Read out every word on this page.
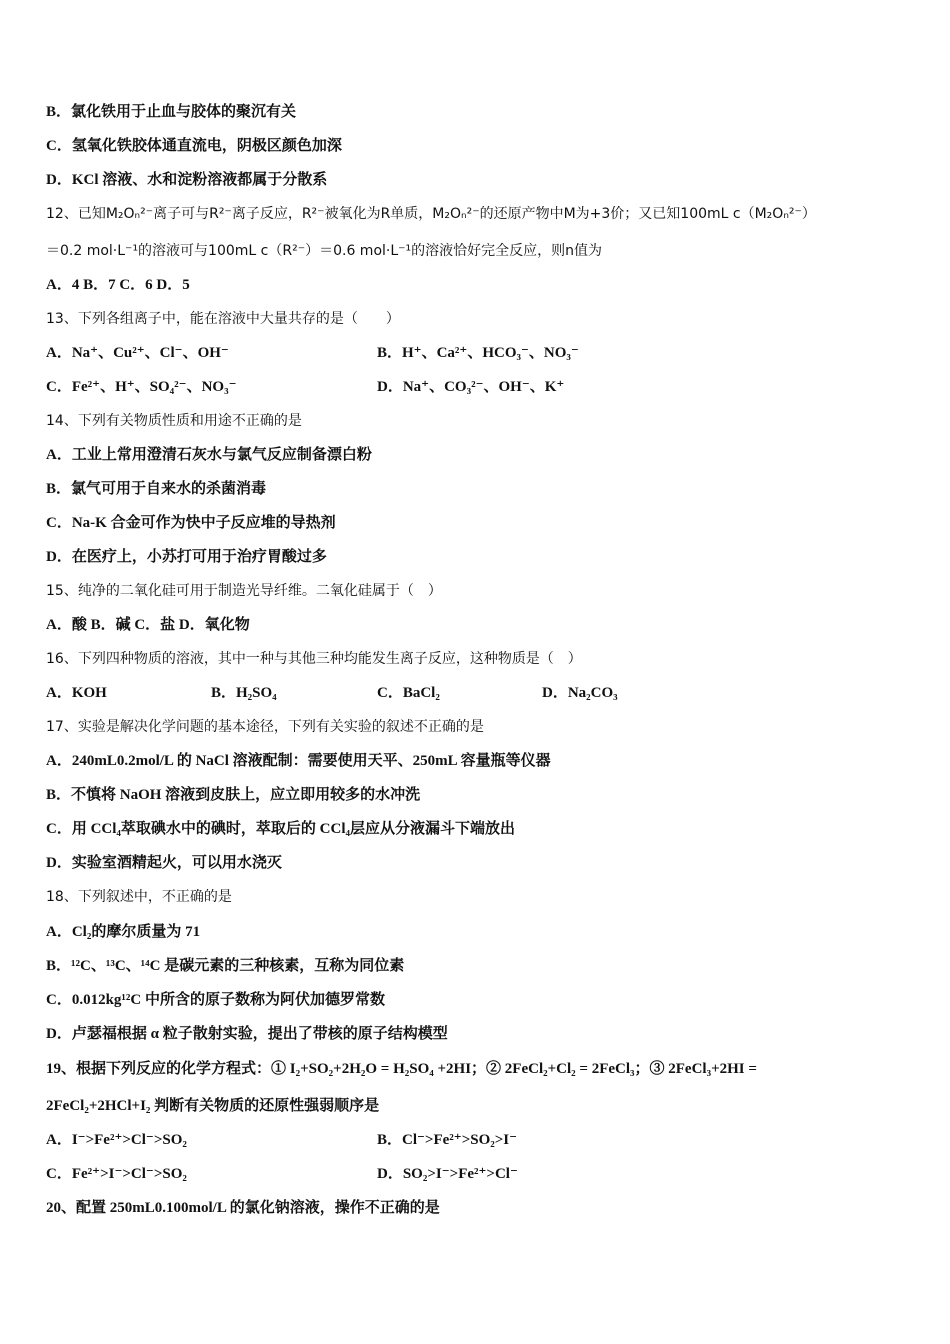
B．氯化铁用于止血与胶体的聚沉有关
C．氢氧化铁胶体通直流电，阴极区颜色加深
D．KCl 溶液、水和淀粉溶液都属于分散系
12、已知M₂Oₙ²⁻离子可与R²⁻离子反应，R²⁻被氧化为R单质，M₂Oₙ²⁻的还原产物中M为+3价；又已知100mL c（M₂Oₙ²⁻）
＝0.2 mol·L⁻¹的溶液可与100mL c（R²⁻）＝0.6 mol·L⁻¹的溶液恰好完全反应，则n值为
A．4 B．7 C．6 D．5
13、下列各组离子中，能在溶液中大量共存的是（　　）
A．Na⁺、Cu²⁺、Cl⁻、OH⁻	B．H⁺、Ca²⁺、HCO₃⁻、NO₃⁻
C．Fe²⁺、H⁺、SO₄²⁻、NO₃⁻	D．Na⁺、CO₃²⁻、OH⁻、K⁺
14、下列有关物质性质和用途不正确的是
A．工业上常用澄清石灰水与氯气反应制备漂白粉
B．氯气可用于自来水的杀菌消毒
C．Na-K 合金可作为快中子反应堆的导热剂
D．在医疗上，小苏打可用于治疗胃酸过多
15、纯净的二氧化硅可用于制造光导纤维。二氧化硅属于（　）
A．酸 B．碱 C．盐 D．氧化物
16、下列四种物质的溶液，其中一种与其他三种均能发生离子反应，这种物质是（　）
A．KOH	B．H₂SO₄	C．BaCl₂	D．Na₂CO₃
17、实验是解决化学问题的基本途径，下列有关实验的叙述不正确的是
A．240mL0.2mol/L 的 NaCl 溶液配制：需要使用天平、250mL 容量瓶等仪器
B．不慎将 NaOH 溶液到皮肤上，应立即用较多的水冲洗
C．用 CCl₄萃取碘水中的碘时，萃取后的 CCl₄层应从分液漏斗下端放出
D．实验室酒精起火，可以用水浇灭
18、下列叙述中，不正确的是
A．Cl₂的摩尔质量为 71
B．¹²C、¹³C、¹⁴C 是碳元素的三种核素，互称为同位素
C．0.012kg¹²C 中所含的原子数称为阿伏加德罗常数
D．卢瑟福根据 α 粒子散射实验，提出了带核的原子结构模型
19、根据下列反应的化学方程式：① I₂+SO₂+2H₂O = H₂SO₄ +2HI；② 2FeCl₂+Cl₂ = 2FeCl₃；③ 2FeCl₃+2HI =
2FeCl₂+2HCl+I₂ 判断有关物质的还原性强弱顺序是
A．I⁻>Fe²⁺>Cl⁻>SO₂	B．Cl⁻>Fe²⁺>SO₂>I⁻
C．Fe²⁺>I⁻>Cl⁻>SO₂	D．SO₂>I⁻>Fe²⁺>Cl⁻
20、配置 250mL0.100mol/L 的氯化钠溶液，操作不正确的是
